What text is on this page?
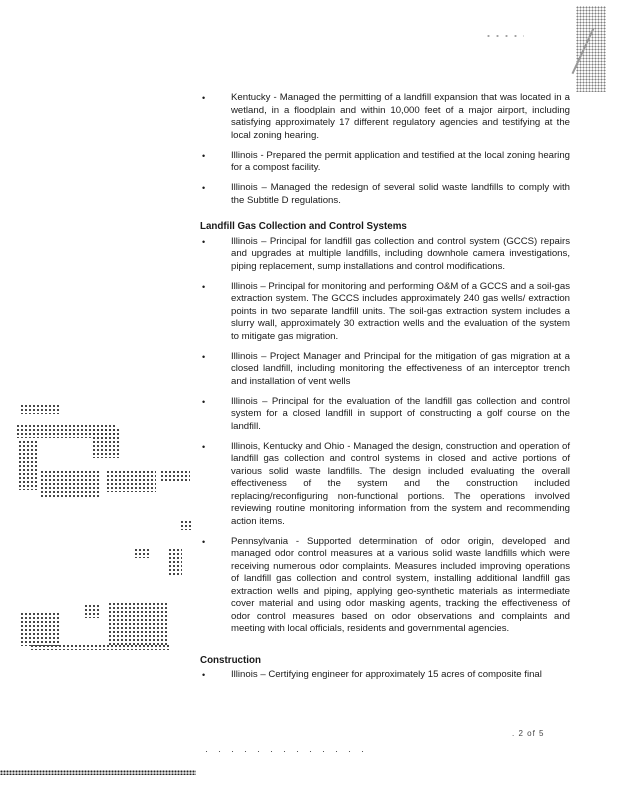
•	Kentucky - Managed the permitting of a landfill expansion that was located in a wetland, in a floodplain and within 10,000 feet of a major airport, including satisfying approximately 17 different regulatory agencies and testifying at the local zoning hearing.
•	Illinois - Prepared the permit application and testified at the local zoning hearing for a compost facility.
•	Illinois – Managed the redesign of several solid waste landfills to comply with the Subtitle D regulations.
Landfill Gas Collection and Control Systems
•	Illinois – Principal for landfill gas collection and control system (GCCS) repairs and upgrades at multiple landfills, including downhole camera investigations, piping replacement, sump installations and control modifications.
•	Illinois – Principal for monitoring and performing O&M of a GCCS and a soil-gas extraction system. The GCCS includes approximately 240 gas wells/ extraction points in two separate landfill units. The soil-gas extraction system includes a slurry wall, approximately 30 extraction wells and the evaluation of the system to mitigate gas migration.
•	Illinois – Project Manager and Principal for the mitigation of gas migration at a closed landfill, including monitoring the effectiveness of an interceptor trench and installation of vent wells
•	Illinois – Principal for the evaluation of the landfill gas collection and control system for a closed landfill in support of constructing a golf course on the landfill.
•	Illinois, Kentucky and Ohio - Managed the design, construction and operation of landfill gas collection and control systems in closed and active portions of various solid waste landfills. The design included evaluating the overall effectiveness of the system and the construction included replacing/reconfiguring non-functional portions. The operations involved reviewing routine monitoring information from the system and recommending action items.
•	Pennsylvania - Supported determination of odor origin, developed and managed odor control measures at a various solid waste landfills which were receiving numerous odor complaints. Measures included improving operations of landfill gas collection and control system, installing additional landfill gas extraction wells and piping, applying geo-synthetic materials as intermediate cover material and using odor masking agents, tracking the effectiveness of odor control measures based on odor observations and complaints and meeting with local officials, residents and governmental agencies.
Construction
•	Illinois – Certifying engineer for approximately 15 acres of composite final
. 2 of 5
